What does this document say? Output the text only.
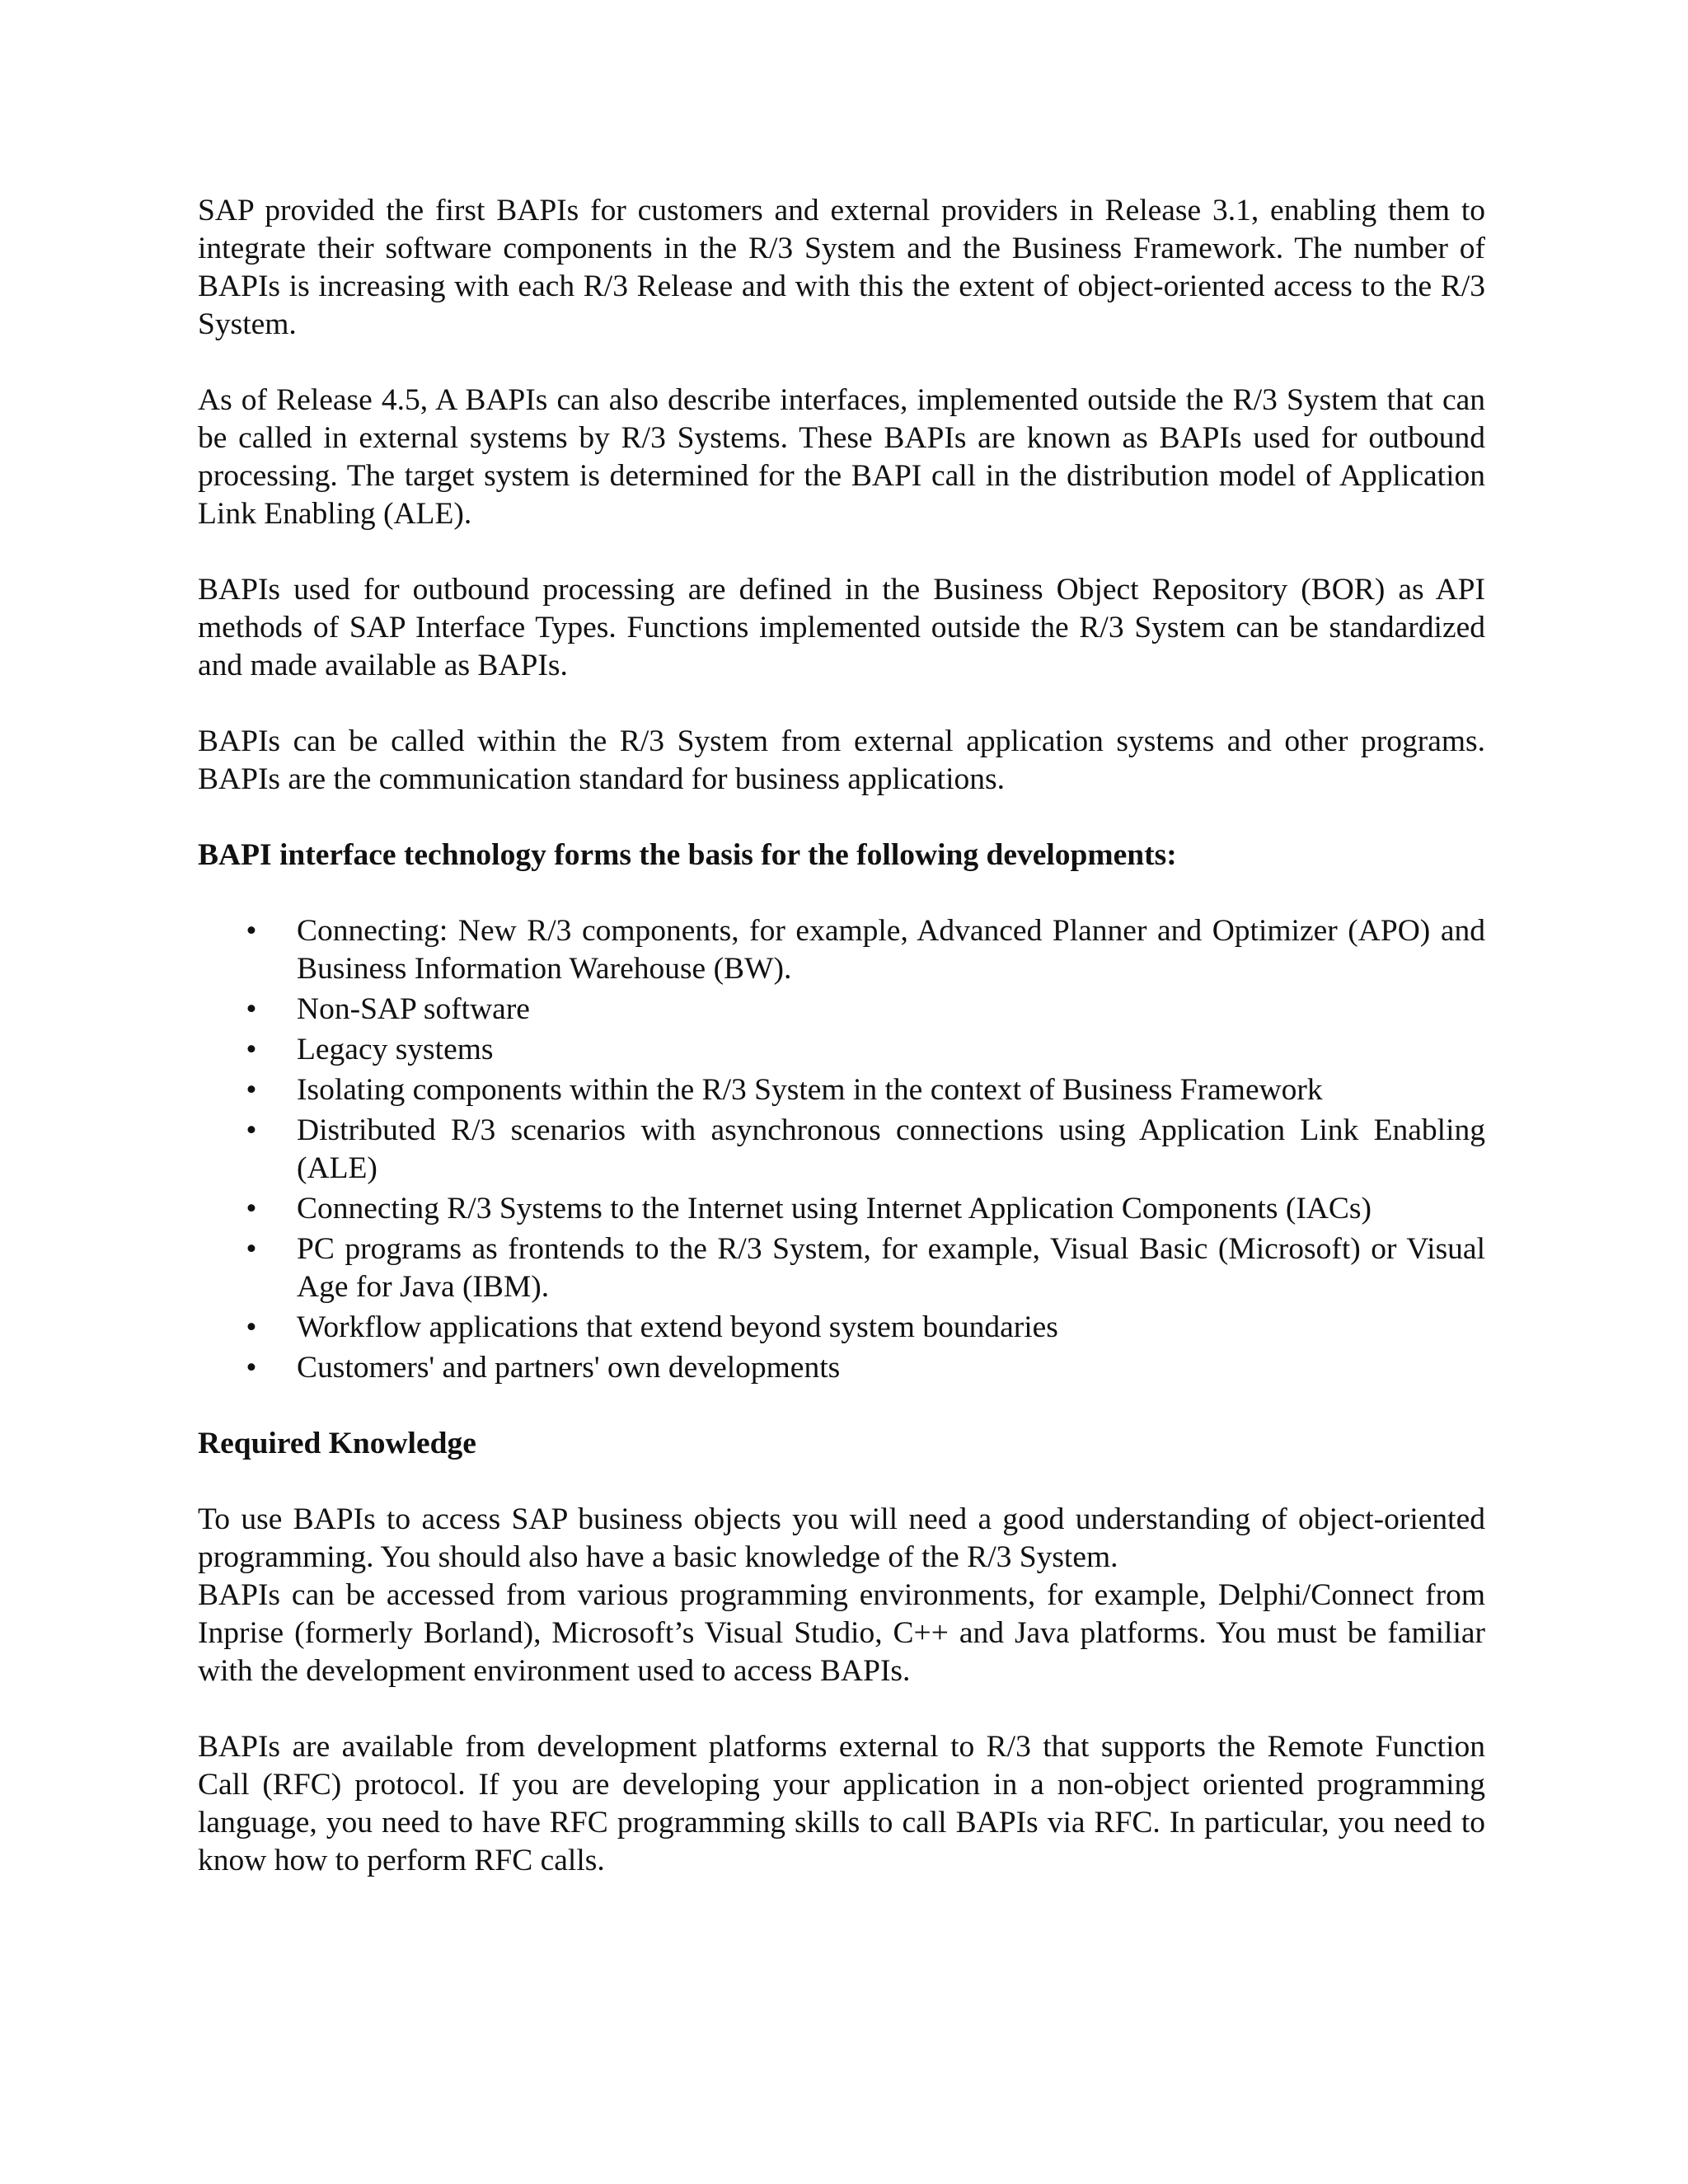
SAP provided the first BAPIs for customers and external providers in Release 3.1, enabling them to integrate their software components in the R/3 System and the Business Framework. The number of BAPIs is increasing with each R/3 Release and with this the extent of object-oriented access to the R/3 System.

As of Release 4.5, A BAPIs can also describe interfaces, implemented outside the R/3 System that can be called in external systems by R/3 Systems. These BAPIs are known as BAPIs used for outbound processing. The target system is determined for the BAPI call in the distribution model of Application Link Enabling (ALE).

BAPIs used for outbound processing are defined in the Business Object Repository (BOR) as API methods of SAP Interface Types. Functions implemented outside the R/3 System can be standardized and made available as BAPIs.

BAPIs can be called within the R/3 System from external application systems and other programs. BAPIs are the communication standard for business applications.

BAPI interface technology forms the basis for the following developments:

• Connecting: New R/3 components, for example, Advanced Planner and Optimizer (APO) and Business Information Warehouse (BW).
• Non-SAP software
• Legacy systems
• Isolating components within the R/3 System in the context of Business Framework
• Distributed R/3 scenarios with asynchronous connections using Application Link Enabling (ALE)
• Connecting R/3 Systems to the Internet using Internet Application Components (IACs)
• PC programs as frontends to the R/3 System, for example, Visual Basic (Microsoft) or Visual Age for Java (IBM).
• Workflow applications that extend beyond system boundaries
• Customers' and partners' own developments

Required Knowledge

To use BAPIs to access SAP business objects you will need a good understanding of object-oriented programming. You should also have a basic knowledge of the R/3 System.

BAPIs can be accessed from various programming environments, for example, Delphi/Connect from Inprise (formerly Borland), Microsoft’s Visual Studio, C++ and Java platforms. You must be familiar with the development environment used to access BAPIs.

BAPIs are available from development platforms external to R/3 that supports the Remote Function Call (RFC) protocol. If you are developing your application in a non-object oriented programming language, you need to have RFC programming skills to call BAPIs via RFC. In particular, you need to know how to perform RFC calls.
